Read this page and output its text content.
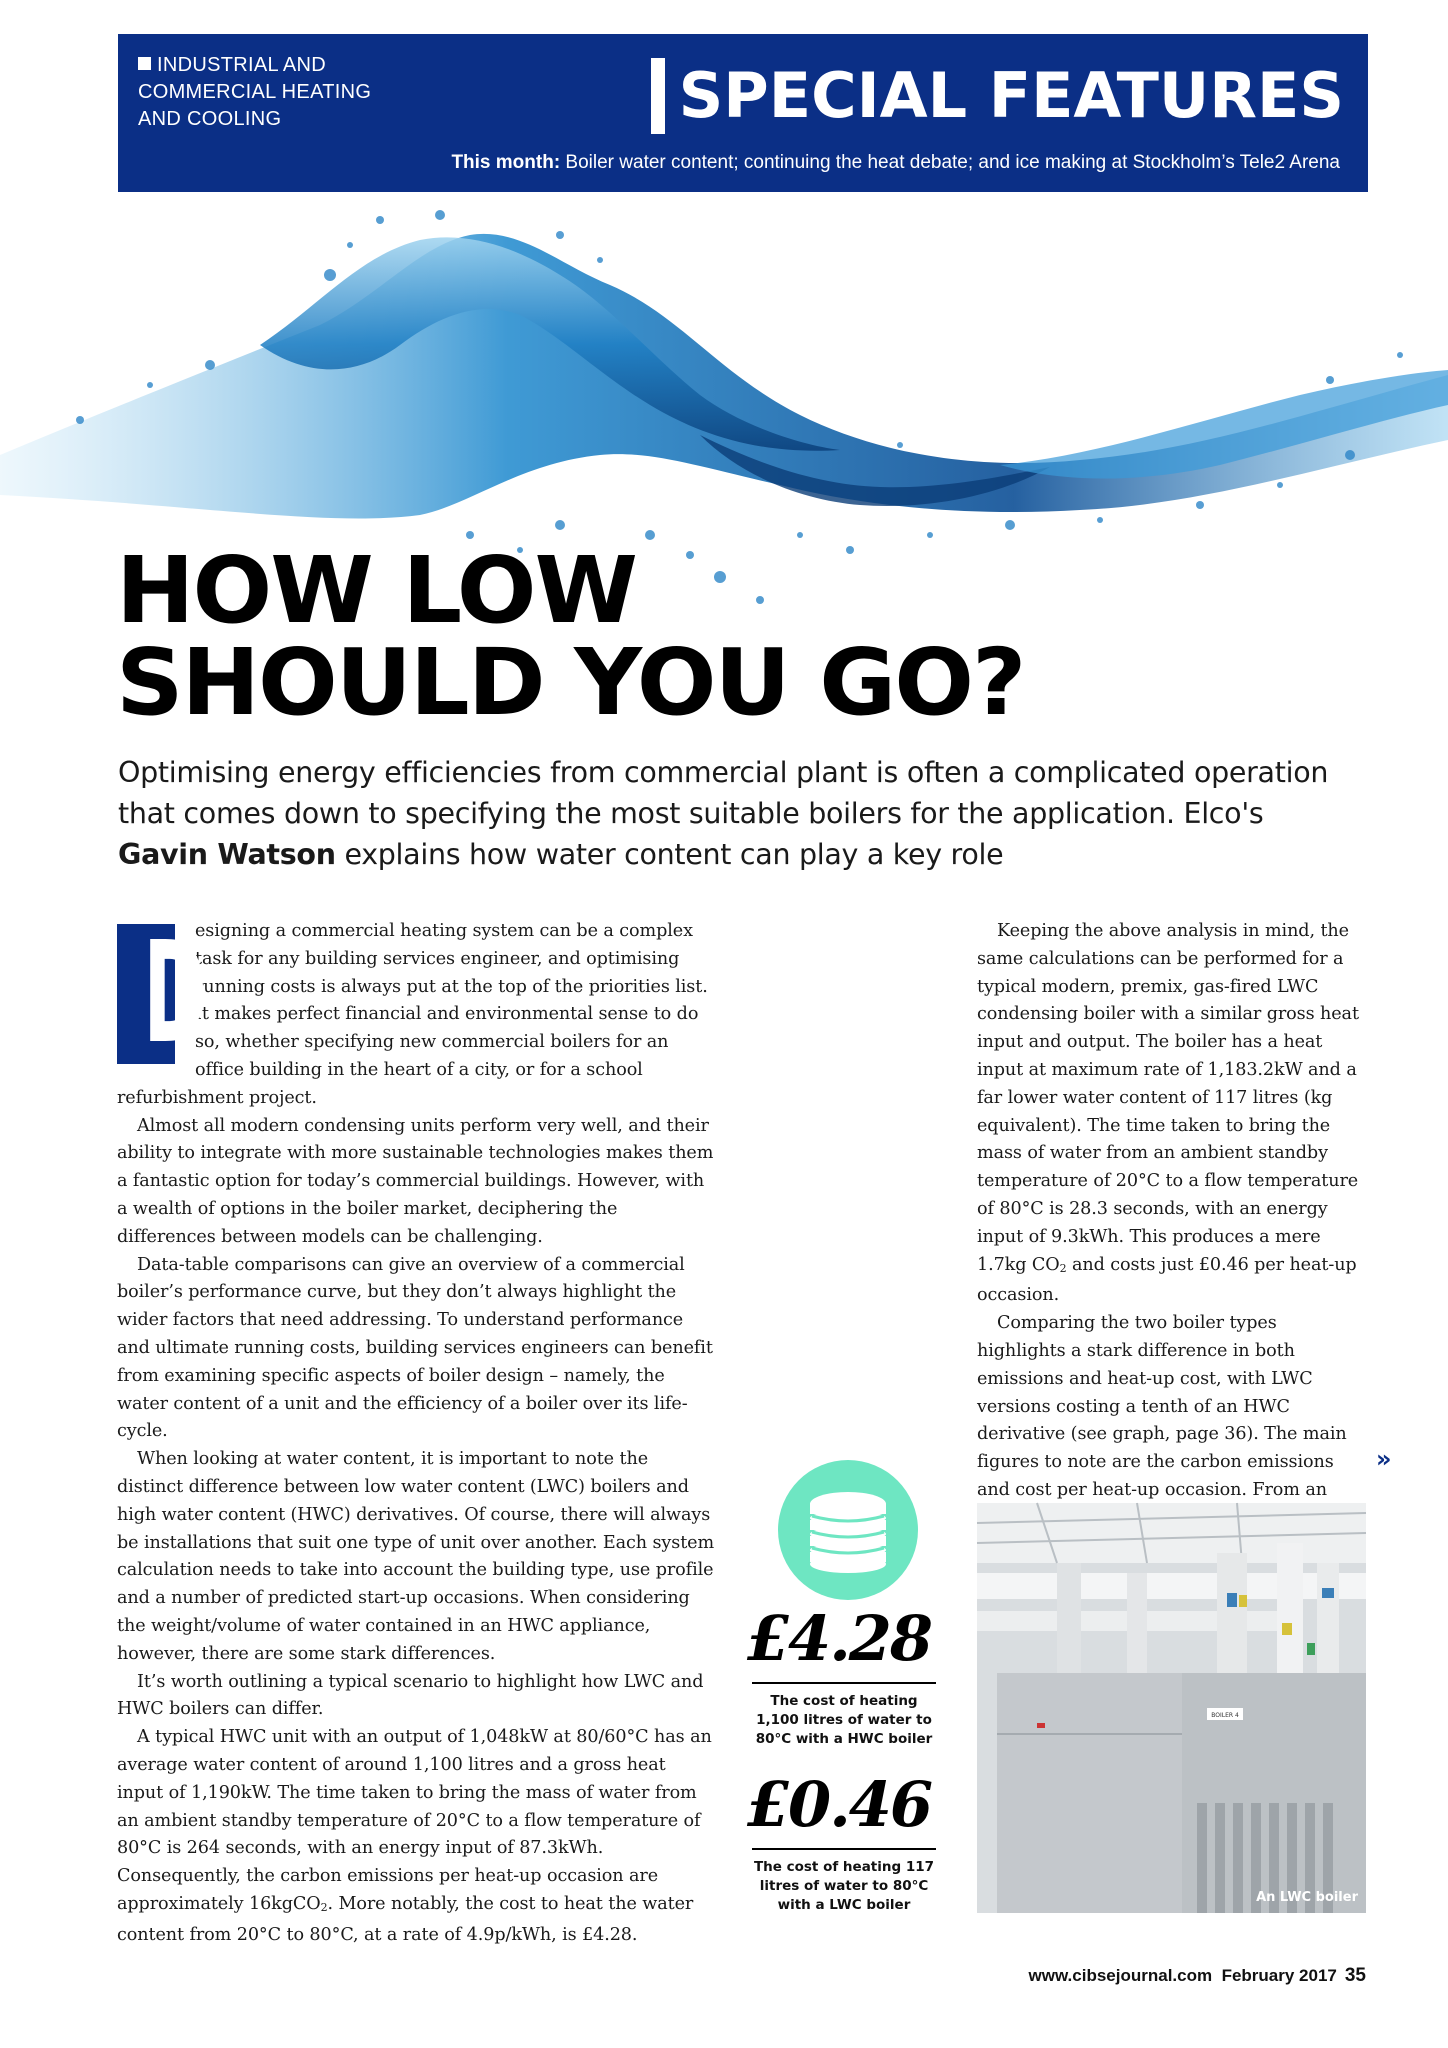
INDUSTRIAL AND COMMERCIAL HEATING AND COOLING	SPECIAL FEATURES
This month: Boiler water content; continuing the heat debate; and ice making at Stockholm’s Tele2 Arena
HOW LOW
SHOULD YOU GO?
Optimising energy efficiencies from commercial plant is often a complicated operation that comes down to specifying the most suitable boilers for the application. Elco's Gavin Watson explains how water content can play a key role
D

esigning a commercial heating system can be a complex task for any building services engineer, and optimising running costs is always put at the top of the priorities list. It makes perfect financial and environmental sense to do so, whether specifying new commercial boilers for an office building in the heart of a city, or for a school refurbishment project.

Almost all modern condensing units perform very well, and their ability to integrate with more sustainable technologies makes them a fantastic option for today’s commercial buildings. However, with a wealth of options in the boiler market, deciphering the differences between models can be challenging.

Data-table comparisons can give an overview of a commercial boiler’s performance curve, but they don’t always highlight the wider factors that need addressing. To understand performance and ultimate running costs, building services engineers can benefit from examining specific aspects of boiler design – namely, the water content of a unit and the efficiency of a boiler over its life-cycle.

When looking at water content, it is important to note the distinct difference between low water content (LWC) boilers and high water content (HWC) derivatives. Of course, there will always be installations that suit one type of unit over another. Each system calculation needs to take into account the building type, use profile and a number of predicted start-up occasions. When considering the weight/volume of water contained in an HWC appliance, however, there are some stark differences.

It’s worth outlining a typical scenario to highlight how LWC and HWC boilers can differ.

A typical HWC unit with an output of 1,048kW at 80/60°C has an average water content of around 1,100 litres and a gross heat input of 1,190kW. The time taken to bring the mass of water from an ambient standby temperature of 20°C to a flow temperature of 80°C is 264 seconds, with an energy input of 87.3kWh. Consequently, the carbon emissions per heat-up occasion are approximately 16kgCO2. More notably, the cost to heat the water content from 20°C to 80°C, at a rate of 4.9p/kWh, is £4.28.

Keeping the above analysis in mind, the same calculations can be performed for a typical modern, premix, gas-fired LWC condensing boiler with a similar gross heat input and output. The boiler has a heat input at maximum rate of 1,183.2kW and a far lower water content of 117 litres (kg equivalent). The time taken to bring the mass of water from an ambient standby temperature of 20°C to a flow temperature of 80°C is 28.3 seconds, with an energy input of 9.3kWh. This produces a mere 1.7kg CO2 and costs just £0.46 per heat-up occasion.

Comparing the two boiler types highlights a stark difference in both emissions and heat-up cost, with LWC versions costing a tenth of an HWC derivative (see graph, page 36). The main figures to note are the carbon emissions and cost per heat-up occasion. From an

»
£4.28
The cost of heating 1,100 litres of water to 80°C with a HWC boiler
£0.46
The cost of heating 117 litres of water to 80°C with a LWC boiler
BOILER 4
An LWC boiler
www.cibsejournal.com February 2017 35
